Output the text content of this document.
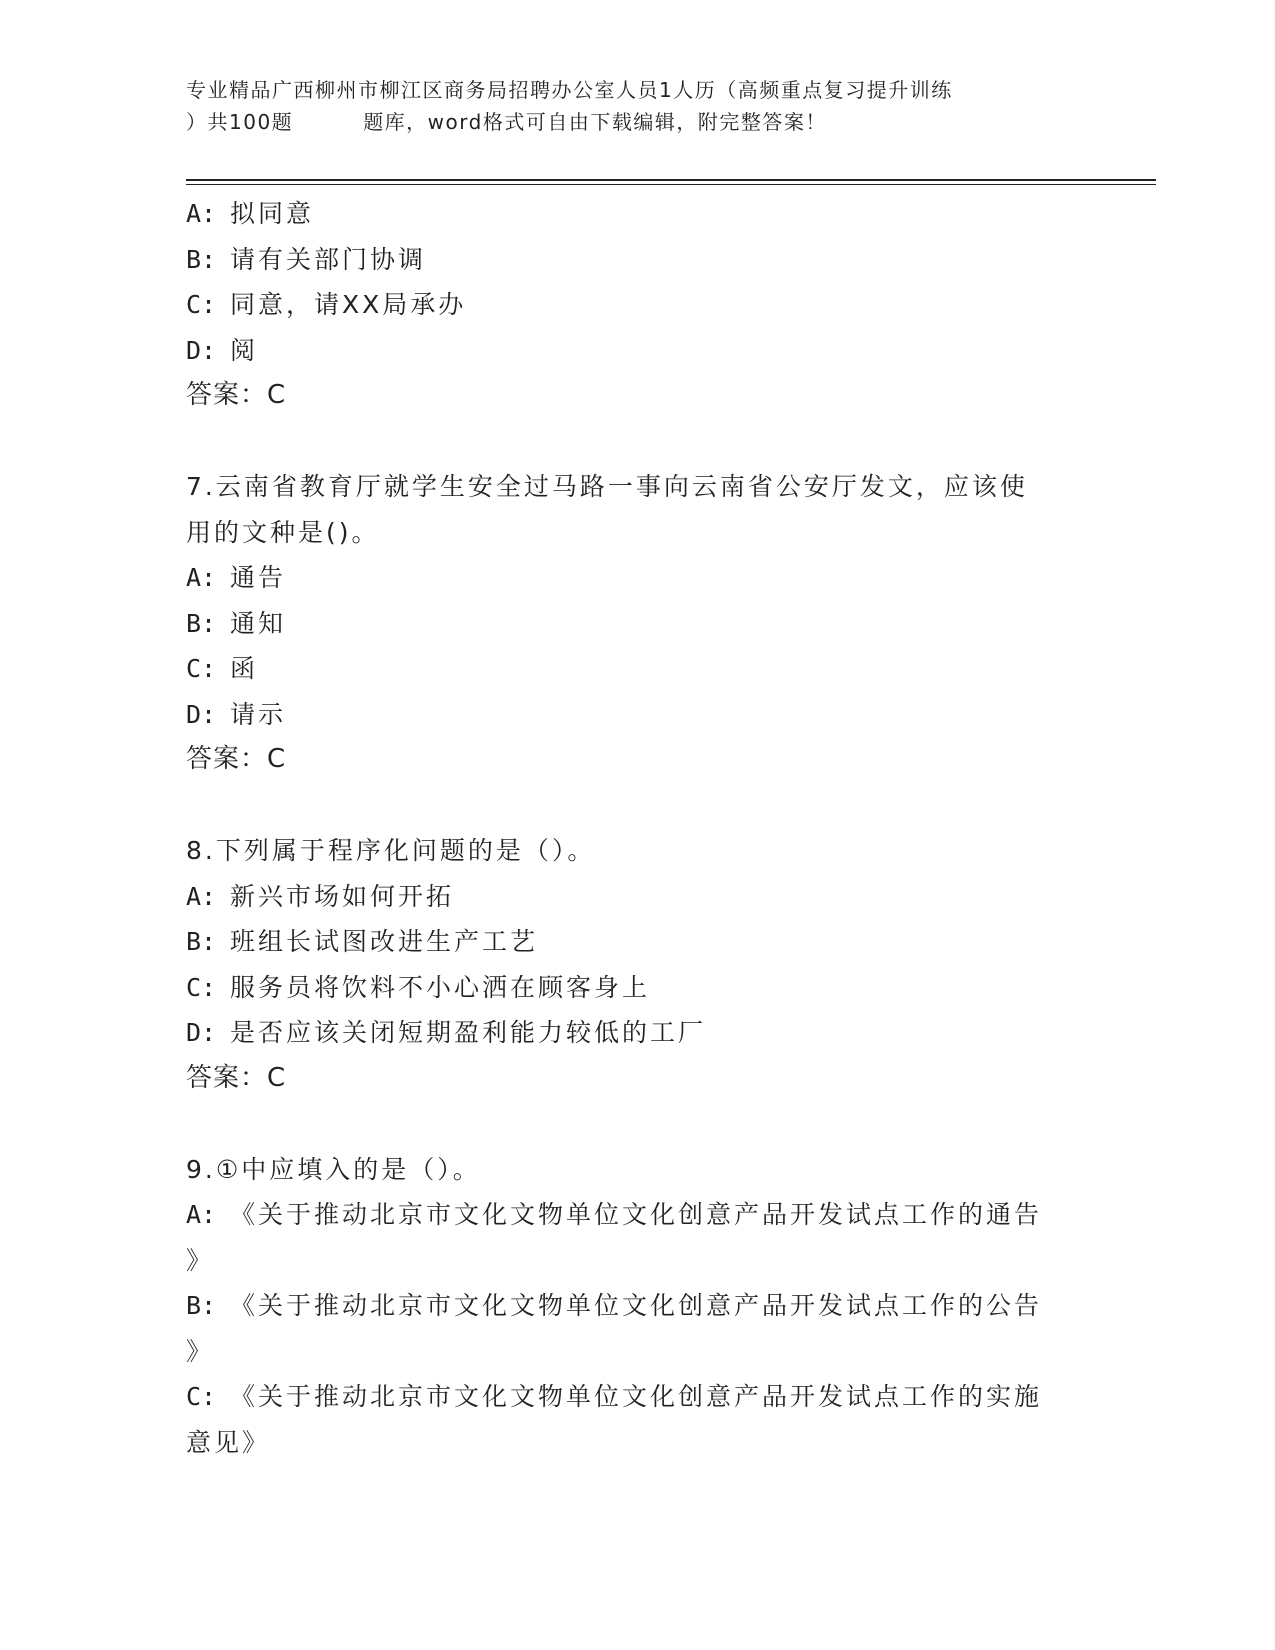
专业精品广西柳州市柳江区商务局招聘办公室人员1人历（高频重点复习提升训练
）共100题	题库，word格式可自由下载编辑，附完整答案！
A: 拟同意
B: 请有关部门协调
C: 同意，请XX局承办
D: 阅
答案：C
7.云南省教育厅就学生安全过马路一事向云南省公安厅发文，应该使
用的文种是()。
A: 通告
B: 通知
C: 函
D: 请示
答案：C
8.下列属于程序化问题的是（）。
A: 新兴市场如何开拓
B: 班组长试图改进生产工艺
C: 服务员将饮料不小心洒在顾客身上
D: 是否应该关闭短期盈利能力较低的工厂
答案：C
9.①中应填入的是（）。
A: 《关于推动北京市文化文物单位文化创意产品开发试点工作的通告
》
B: 《关于推动北京市文化文物单位文化创意产品开发试点工作的公告
》
C: 《关于推动北京市文化文物单位文化创意产品开发试点工作的实施
意见》
